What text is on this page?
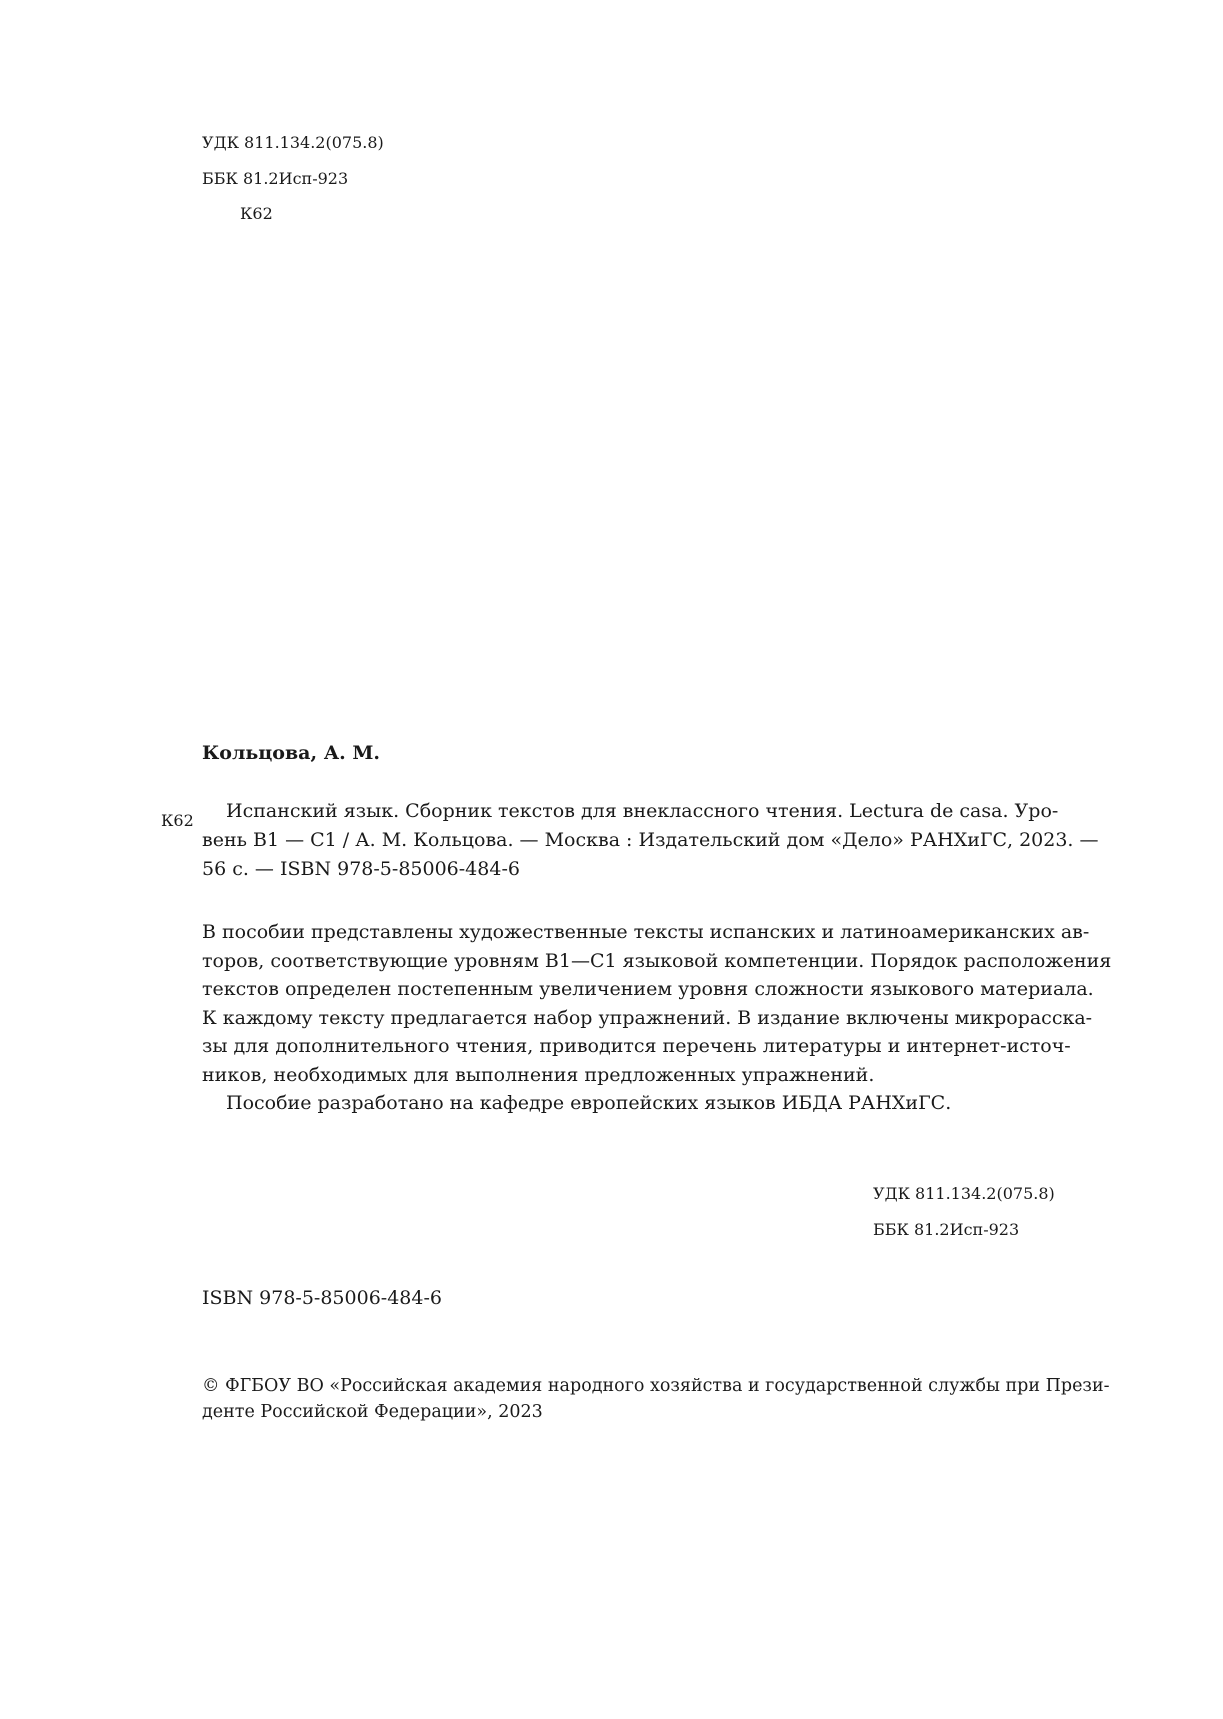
УДК 811.134.2(075.8)
ББК 81.2Исп-923
К62
Кольцова, А. М.
К62	Испанский язык. Сборник текстов для внеклассного чтения. Lectura de casa. Уро-
вень В1 — С1 / А. М. Кольцова. — Москва : Издательский дом «Дело» РАНХиГС, 2023. —
56 с. — ISBN 978-5-85006-484-6

В пособии представлены художественные тексты испанских и латиноамериканских ав-
торов, соответствующие уровням В1—С1 языковой компетенции. Порядок расположения
текстов определен постепенным увеличением уровня сложности языкового материала.
К каждому тексту предлагается набор упражнений. В издание включены микрорасска-
зы для дополнительного чтения, приводится перечень литературы и интернет-источ-
ников, необходимых для выполнения предложенных упражнений.

Пособие разработано на кафедре европейских языков ИБДА РАНХиГС.

УДК 811.134.2(075.8)
ББК 81.2Исп-923
ISBN 978-5-85006-484-6
© ФГБОУ ВО «Российская академия народного хозяйства и государственной службы при Прези-
денте Российской Федерации», 2023
